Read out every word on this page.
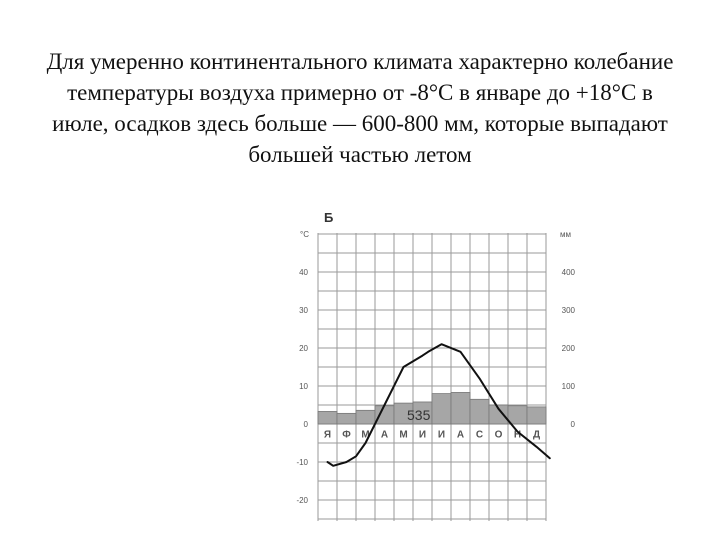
Для умеренно континентального климата характерно колебание температуры воздуха примерно от -8°С в январе до +18°С в июле, осадков здесь больше — 600-800 мм, которые выпадают большей частью летом
Я Ф М А М И И А С О Н Д
40
30
20
10
0
-10
-20
400
300
200
100
0
Б
°C	мм
535
